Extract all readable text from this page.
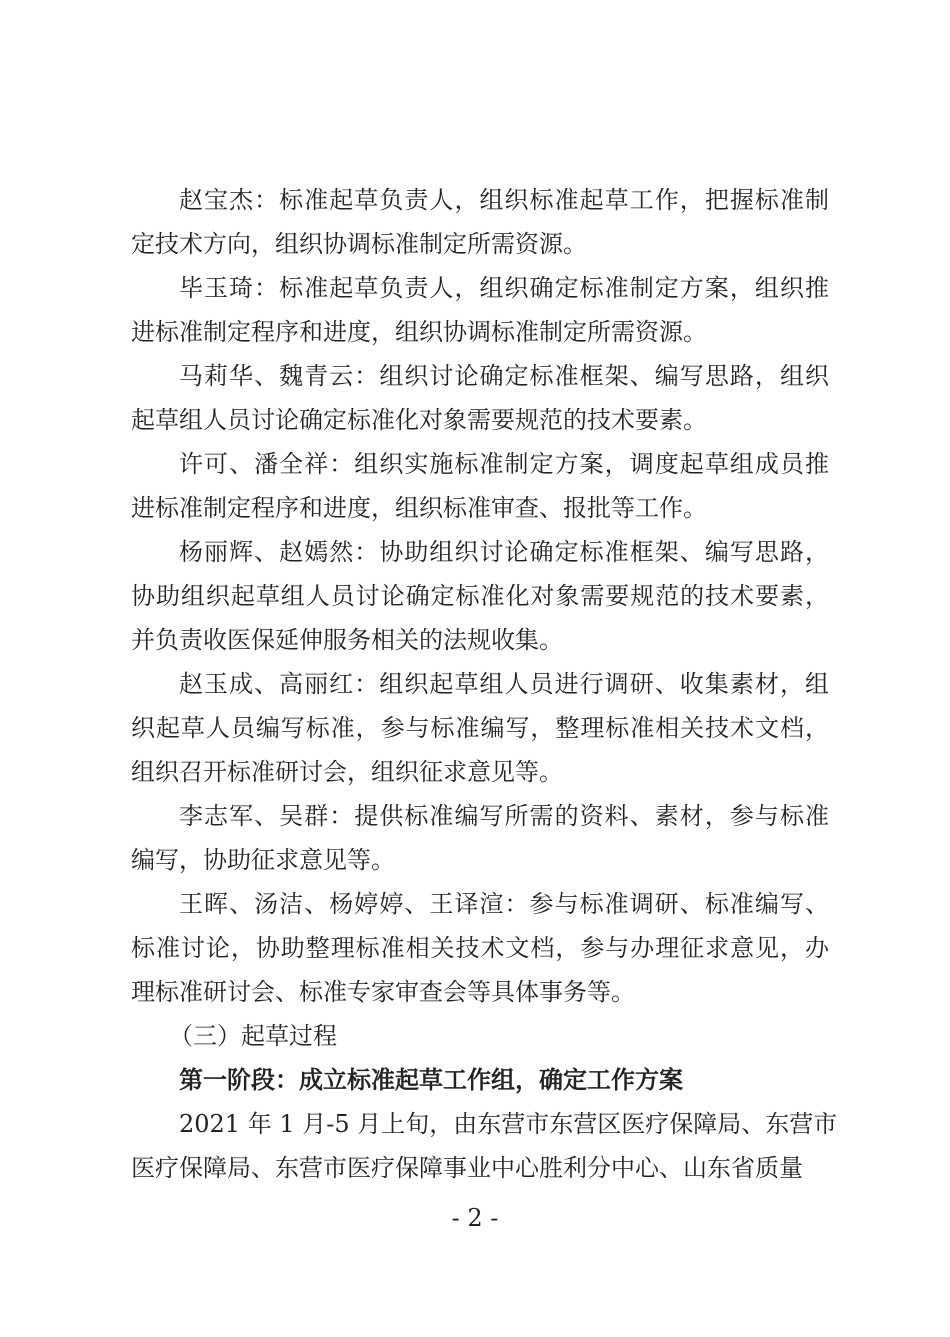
赵宝杰：标准起草负责人，组织标准起草工作，把握标准制
定技术方向，组织协调标准制定所需资源。
毕玉琦：标准起草负责人，组织确定标准制定方案，组织推
进标准制定程序和进度，组织协调标准制定所需资源。
马莉华、魏青云：组织讨论确定标准框架、编写思路，组织
起草组人员讨论确定标准化对象需要规范的技术要素。
许可、潘全祥：组织实施标准制定方案，调度起草组成员推
进标准制定程序和进度，组织标准审查、报批等工作。
杨丽辉、赵嫣然：协助组织讨论确定标准框架、编写思路，
协助组织起草组人员讨论确定标准化对象需要规范的技术要素，
并负责收医保延伸服务相关的法规收集。
赵玉成、高丽红：组织起草组人员进行调研、收集素材，组
织起草人员编写标准，参与标准编写，整理标准相关技术文档，
组织召开标准研讨会，组织征求意见等。
李志军、吴群：提供标准编写所需的资料、素材，参与标准
编写，协助征求意见等。
王晖、汤洁、杨婷婷、王译渲：参与标准调研、标准编写、
标准讨论，协助整理标准相关技术文档，参与办理征求意见，办
理标准研讨会、标准专家审查会等具体事务等。
（三）起草过程
第一阶段：成立标准起草工作组，确定工作方案
2021 年 1 月-5 月上旬，由东营市东营区医疗保障局、东营市
医疗保障局、东营市医疗保障事业中心胜利分中心、山东省质量
- 2 -
